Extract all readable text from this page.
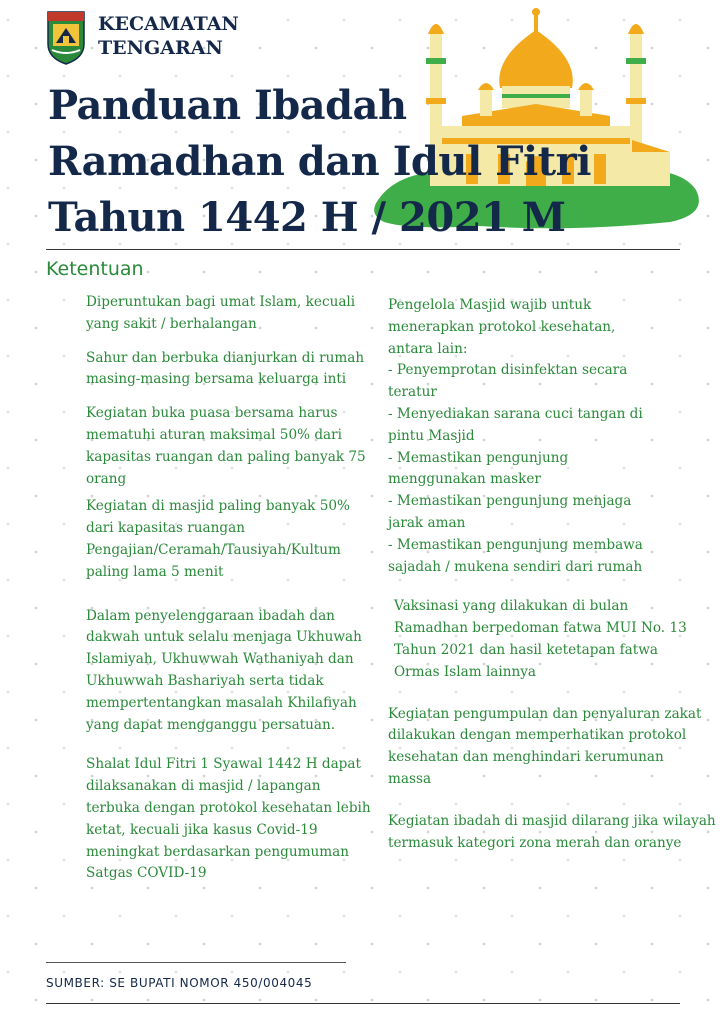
KECAMATAN
TENGARAN
Panduan Ibadah
Ramadhan dan Idul Fitri
Tahun 1442 H / 2021 M
Ketentuan

Diperuntukan bagi umat Islam, kecuali yang sakit / berhalangan

Sahur dan berbuka dianjurkan di rumah masing-masing bersama keluarga inti

Kegiatan buka puasa bersama harus mematuhi aturan maksimal 50% dari kapasitas ruangan dan paling banyak 75 orang

Kegiatan di masjid paling banyak 50% dari kapasitas ruangan Pengajian/Ceramah/Tausiyah/Kultum paling lama 5 menit

Dalam penyelenggaraan ibadah dan dakwah untuk selalu menjaga Ukhuwah Islamiyah, Ukhuwwah Wathaniyah dan Ukhuwwah Bashariyah serta tidak mempertentangkan masalah Khilafiyah yang dapat mengganggu persatuan.

Shalat Idul Fitri 1 Syawal 1442 H dapat dilaksanakan di masjid / lapangan terbuka dengan protokol kesehatan lebih ketat, kecuali jika kasus Covid-19 meningkat berdasarkan pengumuman Satgas COVID-19

Pengelola Masjid wajib untuk
menerapkan protokol kesehatan,
antara lain:
- Penyemprotan disinfektan secara
teratur
- Menyediakan sarana cuci tangan di
pintu Masjid
- Memastikan pengunjung
menggunakan masker
- Memastikan pengunjung menjaga
jarak aman
- Memastikan pengunjung membawa
sajadah / mukena sendiri dari rumah

Vaksinasi yang dilakukan di bulan Ramadhan berpedoman fatwa MUI No. 13 Tahun 2021 dan hasil ketetapan fatwa Ormas Islam lainnya

Kegiatan pengumpulan dan penyaluran zakat dilakukan dengan memperhatikan protokol kesehatan dan menghindari kerumunan massa

Kegiatan ibadah di masjid dilarang jika wilayah termasuk kategori zona merah dan oranye

SUMBER: SE BUPATI NOMOR 450/004045
